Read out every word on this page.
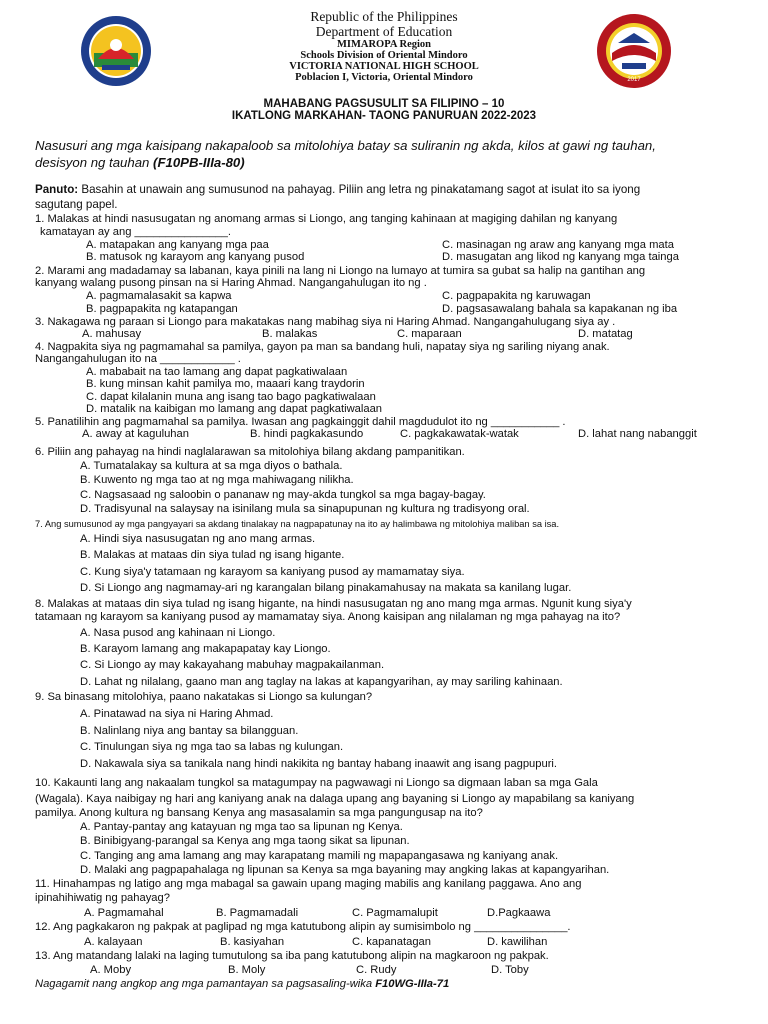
2017
Republic of the Philippines
Department of Education
MIMAROPA Region
Schools Division of Oriental Mindoro
VICTORIA NATIONAL HIGH SCHOOL
Poblacion I, Victoria, Oriental Mindoro
MAHABANG PAGSUSULIT SA FILIPINO – 10
IKATLONG MARKAHAN- TAONG PANURUAN 2022-2023
Nasusuri ang mga kaisipang nakapaloob sa mitolohiya batay sa suliranin ng akda, kilos at gawi ng tauhan,
desisyon ng tauhan (F10PB-IIIa-80)
Panuto: Basahin at unawain ang sumusunod na pahayag. Piliin ang letra ng pinakatamang sagot at isulat ito sa iyong
sagutang papel.
1. Malakas at hindi nasusugatan ng anomang armas si Liongo, ang tanging kahinaan at magiging dahilan ng kanyang
kamatayan ay ang _______________.
A. matapakan ang kanyang mga paa	C. masinagan ng araw ang kanyang mga mata
B. matusok ng karayom ang kanyang pusod	D. masugatan ang likod ng kanyang mga tainga
2. Marami ang madadamay sa labanan, kaya pinili na lang ni Liongo na lumayo at tumira sa gubat sa halip na gantihan ang
kanyang walang pusong pinsan na si Haring Ahmad. Nangangahulugan ito ng .
A. pagmamalasakit sa kapwa	C. pagpapakita ng karuwagan
B. pagpapakita ng katapangan	D. pagsasawalang bahala sa kapakanan ng iba
3. Nakagawa ng paraan si Liongo para makatakas nang mabihag siya ni Haring Ahmad. Nangangahulugang siya ay .
A. mahusay	B. malakas	C. maparaan	D. matatag
4. Nagpakita siya ng pagmamahal sa pamilya, gayon pa man sa bandang huli, napatay siya ng sariling niyang anak.
Nangangahulugan ito na ____________ .
A. mababait na tao lamang ang dapat pagkatiwalaan
B. kung minsan kahit pamilya mo, maaari kang traydorin
C. dapat kilalanin muna ang isang tao bago pagkatiwalaan
D. matalik na kaibigan mo lamang ang dapat pagkatiwalaan
5. Panatilihin ang pagmamahal sa pamilya. Iwasan ang pagkainggit dahil magdudulot ito ng ___________ .
A. away at kaguluhan	B. hindi pagkakasundo	C. pagkakawatak-watak	D. lahat nang nabanggit
6. Piliin ang pahayag na hindi naglalarawan sa mitolohiya bilang akdang pampanitikan.
A. Tumatalakay sa kultura at sa mga diyos o bathala.
B. Kuwento ng mga tao at ng mga mahiwagang nilikha.
C. Nagsasaad ng saloobin o pananaw ng may-akda tungkol sa mga bagay-bagay.
D. Tradisyunal na salaysay na isinilang mula sa sinapupunan ng kultura ng tradisyong oral.
7. Ang sumusunod ay mga pangyayari sa akdang tinalakay na nagpapatunay na ito ay halimbawa ng mitolohiya maliban sa isa.
A. Hindi siya nasusugatan ng ano mang armas.
B. Malakas at mataas din siya tulad ng isang higante.
C. Kung siya'y tatamaan ng karayom sa kaniyang pusod ay mamamatay siya.
D. Si Liongo ang nagmamay-ari ng karangalan bilang pinakamahusay na makata sa kanilang lugar.
8. Malakas at mataas din siya tulad ng isang higante, na hindi nasusugatan ng ano mang mga armas. Ngunit kung siya'y
tatamaan ng karayom sa kaniyang pusod ay mamamatay siya. Anong kaisipan ang nilalaman ng mga pahayag na ito?
A. Nasa pusod ang kahinaan ni Liongo.
B. Karayom lamang ang makapapatay kay Liongo.
C. Si Liongo ay may kakayahang mabuhay magpakailanman.
D. Lahat ng nilalang, gaano man ang taglay na lakas at kapangyarihan, ay may sariling kahinaan.
9. Sa binasang mitolohiya, paano nakatakas si Liongo sa kulungan?
A. Pinatawad na siya ni Haring Ahmad.
B. Nalinlang niya ang bantay sa bilangguan.
C. Tinulungan siya ng mga tao sa labas ng kulungan.
D. Nakawala siya sa tanikala nang hindi nakikita ng bantay habang inaawit ang isang pagpupuri.
10. Kakaunti lang ang nakaalam tungkol sa matagumpay na pagwawagi ni Liongo sa digmaan laban sa mga Gala
(Wagala). Kaya naibigay ng hari ang kaniyang anak na dalaga upang ang bayaning si Liongo ay mapabilang sa kaniyang
pamilya. Anong kultura ng bansang Kenya ang masasalamin sa mga pangungusap na ito?
A. Pantay-pantay ang katayuan ng mga tao sa lipunan ng Kenya.
B. Binibigyang-parangal sa Kenya ang mga taong sikat sa lipunan.
C. Tanging ang ama lamang ang may karapatang mamili ng mapapangasawa ng kaniyang anak.
D. Malaki ang pagpapahalaga ng lipunan sa Kenya sa mga bayaning may angking lakas at kapangyarihan.
11. Hinahampas ng latigo ang mga mabagal sa gawain upang maging mabilis ang kanilang paggawa. Ano ang
ipinahihiwatig ng pahayag?
A. Pagmamahal	B. Pagmamadali	C. Pagmamalupit	D.Pagkaawa
12. Ang pagkakaron ng pakpak at paglipad ng mga katutubong alipin ay sumisimbolo ng _______________.
A. kalayaan	B. kasiyahan	C. kapanatagan	D. kawilihan
13. Ang matandang lalaki na laging tumutulong sa iba pang katutubong alipin na magkaroon ng pakpak.
A. Moby	B. Moly	C. Rudy	D. Toby
Nagagamit nang angkop ang mga pamantayan sa pagsasaling-wika F10WG-IIIa-71
